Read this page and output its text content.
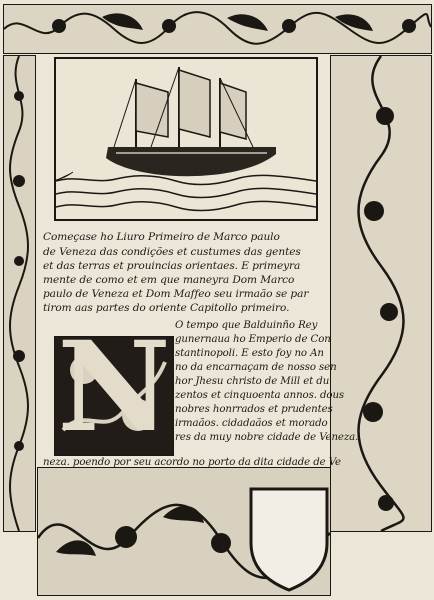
Começase ho Liuro Primeiro de Marco paulo
de Veneza das condições et custumes das gentes
et das terras et prouincias orientaes. E primeyra
mente de como et em que maneyra Dom Marco
paulo de Veneza et Dom Maffeo seu irmaão se par
tirom aas partes do oriente Capitollo primeiro.
N O tempo que Balduinño Rey
gunernaua ho Emperio de Con
stantinopoli. E esto foy no An
no da encarnaçam de nosso sen
hor Jhesu christo de Mill et du
zentos et cinquoenta annos. dous
nobres honrrados et prudentes
irmaãos. cidadaãos et morado
res da muy nobre cidade de Veneza.
neza. poendo por seu acordo no porto da dita cidade de Ve
